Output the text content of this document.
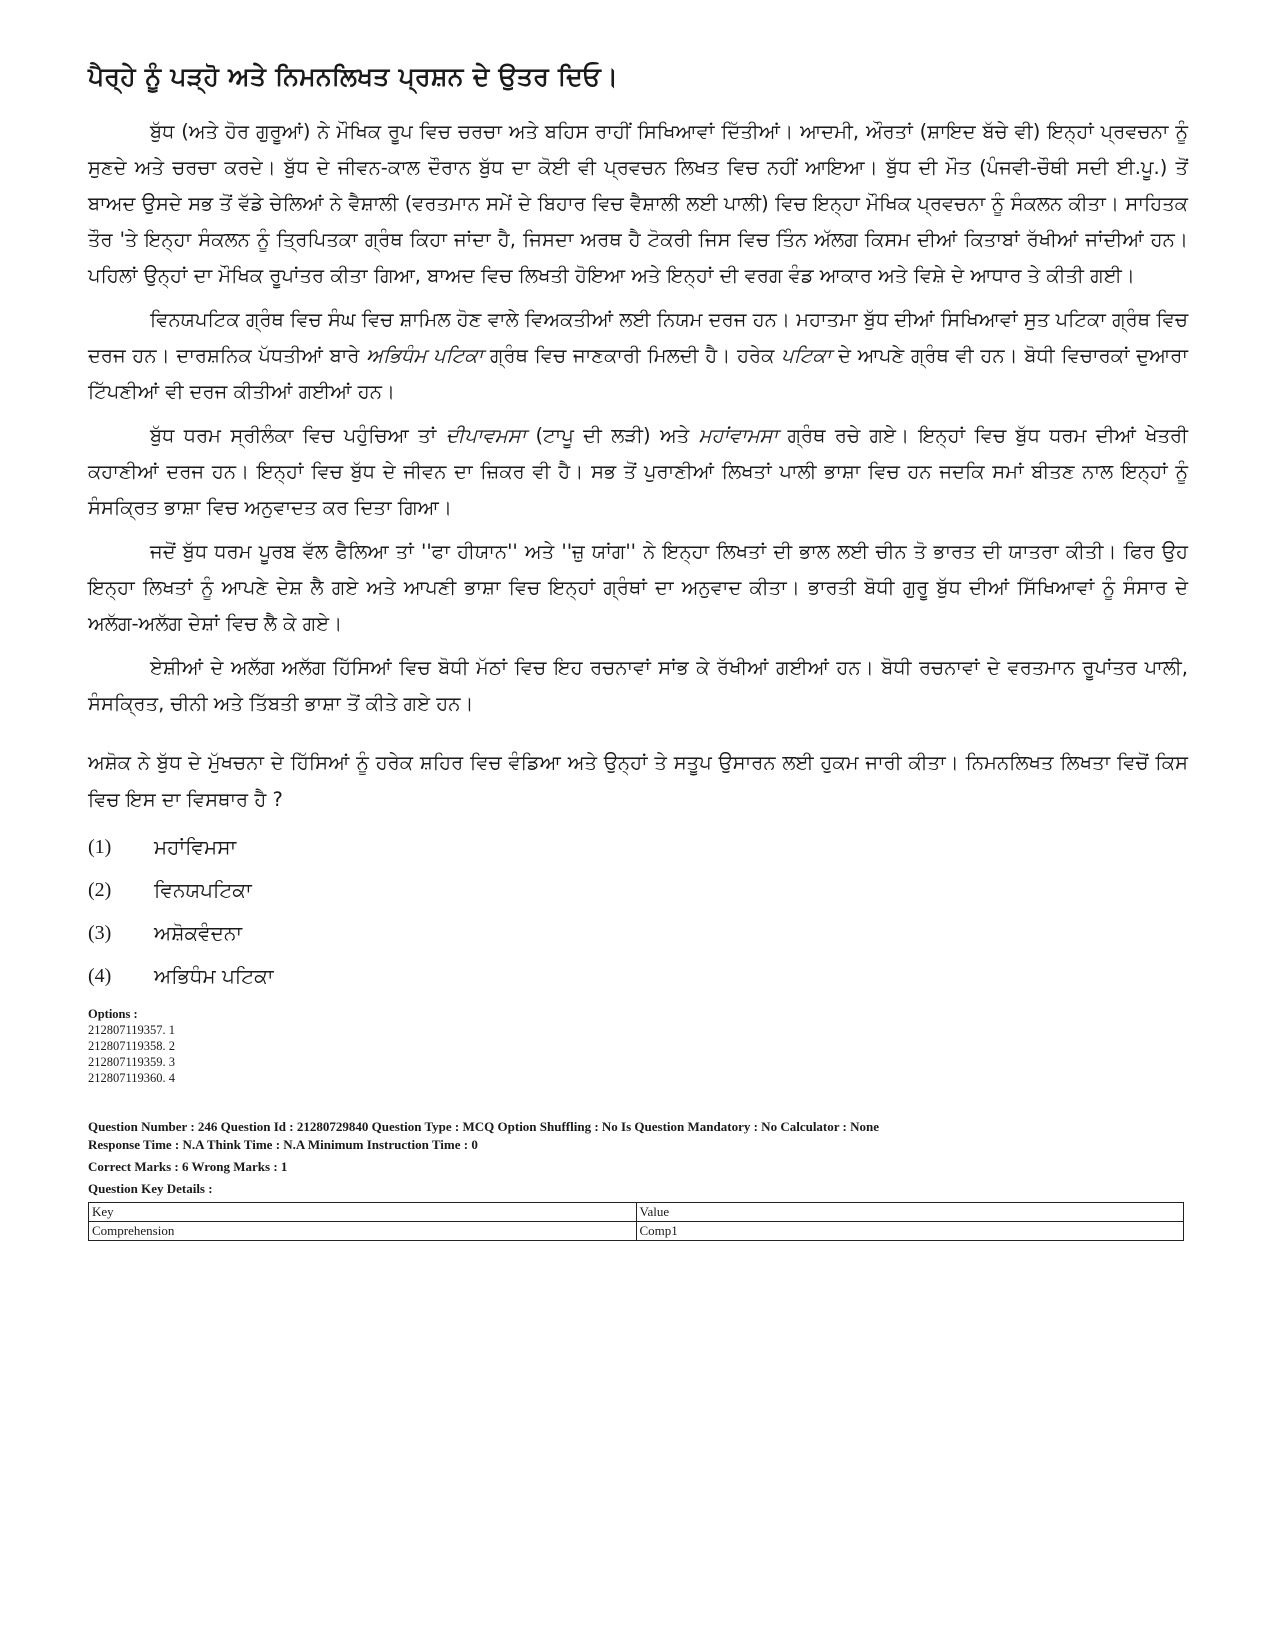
ਪੈਰ੍ਹੇ ਨੂੰ ਪੜ੍ਹੋ ਅਤੇ ਨਿਮਨਲਿਖਤ ਪ੍ਰਸ਼ਨ ਦੇ ਉਤਰ ਦਿਓ।
ਬੁੱਧ (ਅਤੇ ਹੋਰ ਗੁਰੂਆਂ) ਨੇ ਮੌਖਿਕ ਰੂਪ ਵਿਚ ਚਰਚਾ ਅਤੇ ਬਹਿਸ ਰਾਹੀਂ ਸਿਖਿਆਵਾਂ ਦਿੱਤੀਆਂ। ਆਦਮੀ, ਔਰਤਾਂ (ਸ਼ਾਇਦ ਬੱਚੇ ਵੀ) ਇਨ੍ਹਾਂ ਪ੍ਰਵਚਨਾ ਨੂੰ ਸੁਣਦੇ ਅਤੇ ਚਰਚਾ ਕਰਦੇ। ਬੁੱਧ ਦੇ ਜੀਵਨ-ਕਾਲ ਦੌਰਾਨ ਬੁੱਧ ਦਾ ਕੋਈ ਵੀ ਪ੍ਰਵਚਨ ਲਿਖਤ ਵਿਚ ਨਹੀਂ ਆਇਆ। ਬੁੱਧ ਦੀ ਮੌਤ (ਪੰਜਵੀ-ਚੌਥੀ ਸਦੀ ਈ.ਪੂ.) ਤੋਂ ਬਾਅਦ ਉਸਦੇ ਸਭ ਤੋਂ ਵੱਡੇ ਚੇਲਿਆਂ ਨੇ ਵੈਸ਼ਾਲੀ (ਵਰਤਮਾਨ ਸਮੇਂ ਦੇ ਬਿਹਾਰ ਵਿਚ ਵੈਸ਼ਾਲੀ ਲਈ ਪਾਲੀ) ਵਿਚ ਇਨ੍ਹਾ ਮੌਖਿਕ ਪ੍ਰਵਚਨਾ ਨੂੰ ਸੰਕਲਨ ਕੀਤਾ। ਸਾਹਿਤਕ ਤੌਰ 'ਤੇ ਇਨ੍ਹਾ ਸੰਕਲਨ ਨੂੰ ਤ੍ਰਿਪਿਤਕਾ ਗ੍ਰੰਥ ਕਿਹਾ ਜਾਂਦਾ ਹੈ, ਜਿਸਦਾ ਅਰਥ ਹੈ ਟੋਕਰੀ ਜਿਸ ਵਿਚ ਤਿੰਨ ਅੱਲਗ ਕਿਸਮ ਦੀਆਂ ਕਿਤਾਬਾਂ ਰੱਖੀਆਂ ਜਾਂਦੀਆਂ ਹਨ। ਪਹਿਲਾਂ ਉਨ੍ਹਾਂ ਦਾ ਮੌਖਿਕ ਰੂਪਾਂਤਰ ਕੀਤਾ ਗਿਆ, ਬਾਅਦ ਵਿਚ ਲਿਖਤੀ ਹੋਇਆ ਅਤੇ ਇਨ੍ਹਾਂ ਦੀ ਵਰਗ ਵੰਡ ਆਕਾਰ ਅਤੇ ਵਿਸ਼ੇ ਦੇ ਆਧਾਰ ਤੇ ਕੀਤੀ ਗਈ।
ਵਿਨਯਪਟਿਕ ਗ੍ਰੰਥ ਵਿਚ ਸੰਘ ਵਿਚ ਸ਼ਾਮਿਲ ਹੋਣ ਵਾਲੇ ਵਿਅਕਤੀਆਂ ਲਈ ਨਿਯਮ ਦਰਜ ਹਨ। ਮਹਾਤਮਾ ਬੁੱਧ ਦੀਆਂ ਸਿਖਿਆਵਾਂ ਸੁਤ ਪਟਿਕਾ ਗ੍ਰੰਥ ਵਿਚ ਦਰਜ ਹਨ। ਦਾਰਸ਼ਨਿਕ ਪੱਧਤੀਆਂ ਬਾਰੇ ਅਭਿਧੰਮ ਪਟਿਕਾ ਗ੍ਰੰਥ ਵਿਚ ਜਾਣਕਾਰੀ ਮਿਲਦੀ ਹੈ। ਹਰੇਕ ਪਟਿਕਾ ਦੇ ਆਪਣੇ ਗ੍ਰੰਥ ਵੀ ਹਨ। ਬੋਧੀ ਵਿਚਾਰਕਾਂ ਦੁਆਰਾ ਟਿੱਪਣੀਆਂ ਵੀ ਦਰਜ ਕੀਤੀਆਂ ਗਈਆਂ ਹਨ।
ਬੁੱਧ ਧਰਮ ਸ੍ਰੀਲੰਕਾ ਵਿਚ ਪਹੁੰਚਿਆ ਤਾਂ ਦੀਪਾਵਮਸਾ (ਟਾਪੂ ਦੀ ਲੜੀ) ਅਤੇ ਮਹਾਂਵਾਮਸਾ ਗ੍ਰੰਥ ਰਚੇ ਗਏ। ਇਨ੍ਹਾਂ ਵਿਚ ਬੁੱਧ ਧਰਮ ਦੀਆਂ ਖੇਤਰੀ ਕਹਾਣੀਆਂ ਦਰਜ ਹਨ। ਇਨ੍ਹਾਂ ਵਿਚ ਬੁੱਧ ਦੇ ਜੀਵਨ ਦਾ ਜ਼ਿਕਰ ਵੀ ਹੈ। ਸਭ ਤੋਂ ਪੁਰਾਣੀਆਂ ਲਿਖਤਾਂ ਪਾਲੀ ਭਾਸ਼ਾ ਵਿਚ ਹਨ ਜਦਕਿ ਸਮਾਂ ਬੀਤਣ ਨਾਲ ਇਨ੍ਹਾਂ ਨੂੰ ਸੰਸਕ੍ਰਿਤ ਭਾਸ਼ਾ ਵਿਚ ਅਨੁਵਾਦਤ ਕਰ ਦਿਤਾ ਗਿਆ।
ਜਦੋਂ ਬੁੱਧ ਧਰਮ ਪੂਰਬ ਵੱਲ ਫੈਲਿਆ ਤਾਂ ''ਫਾ ਹੀਯਾਨ'' ਅਤੇ ''ਜ਼ੁ ਯਾਂਗ'' ਨੇ ਇਨ੍ਹਾ ਲਿਖਤਾਂ ਦੀ ਭਾਲ ਲਈ ਚੀਨ ਤੋ ਭਾਰਤ ਦੀ ਯਾਤਰਾ ਕੀਤੀ। ਫਿਰ ਉਹ ਇਨ੍ਹਾ ਲਿਖਤਾਂ ਨੂੰ ਆਪਣੇ ਦੇਸ਼ ਲੈ ਗਏ ਅਤੇ ਆਪਣੀ ਭਾਸ਼ਾ ਵਿਚ ਇਨ੍ਹਾਂ ਗ੍ਰੰਥਾਂ ਦਾ ਅਨੁਵਾਦ ਕੀਤਾ। ਭਾਰਤੀ ਬੋਧੀ ਗੁਰੂ ਬੁੱਧ ਦੀਆਂ ਸਿੱਖਿਆਵਾਂ ਨੂੰ ਸੰਸਾਰ ਦੇ ਅਲੱਗ-ਅਲੱਗ ਦੇਸ਼ਾਂ ਵਿਚ ਲੈ ਕੇ ਗਏ।
ਏਸ਼ੀਆਂ ਦੇ ਅਲੱਗ ਅਲੱਗ ਹਿੱਸਿਆਂ ਵਿਚ ਬੋਧੀ ਮੱਠਾਂ ਵਿਚ ਇਹ ਰਚਨਾਵਾਂ ਸਾਂਭ ਕੇ ਰੱਖੀਆਂ ਗਈਆਂ ਹਨ। ਬੋਧੀ ਰਚਨਾਵਾਂ ਦੇ ਵਰਤਮਾਨ ਰੂਪਾਂਤਰ ਪਾਲੀ, ਸੰਸਕ੍ਰਿਤ, ਚੀਨੀ ਅਤੇ ਤਿੱਬਤੀ ਭਾਸ਼ਾ ਤੋਂ ਕੀਤੇ ਗਏ ਹਨ।
ਅਸ਼ੋਕ ਨੇ ਬੁੱਧ ਦੇ ਮੁੱਖਚਨਾ ਦੇ ਹਿੱਸਿਆਂ ਨੂੰ ਹਰੇਕ ਸ਼ਹਿਰ ਵਿਚ ਵੰਡਿਆ ਅਤੇ ਉਨ੍ਹਾਂ ਤੇ ਸਤੂਪ ਉਸਾਰਨ ਲਈ ਹੁਕਮ ਜਾਰੀ ਕੀਤਾ। ਨਿਮਨਲਿਖਤ ਲਿਖਤਾ ਵਿਚੋਂ ਕਿਸ ਵਿਚ ਇਸ ਦਾ ਵਿਸਥਾਰ ਹੈ ?
(1)	ਮਹਾਂਵਿਮਸਾ
(2)	ਵਿਨਯਪਟਿਕਾ
(3)	ਅਸ਼ੋਕਵੰਦਨਾ
(4)	ਅਭਿਧੰਮ ਪਟਿਕਾ
Options :
212807119357. 1
212807119358. 2
212807119359. 3
212807119360. 4
Question Number : 246 Question Id : 21280729840 Question Type : MCQ Option Shuffling : No Is Question Mandatory : No Calculator : None
Response Time : N.A Think Time : N.A Minimum Instruction Time : 0
Correct Marks : 6 Wrong Marks : 1
Question Key Details :
Key	Value
Comprehension	Comp1
